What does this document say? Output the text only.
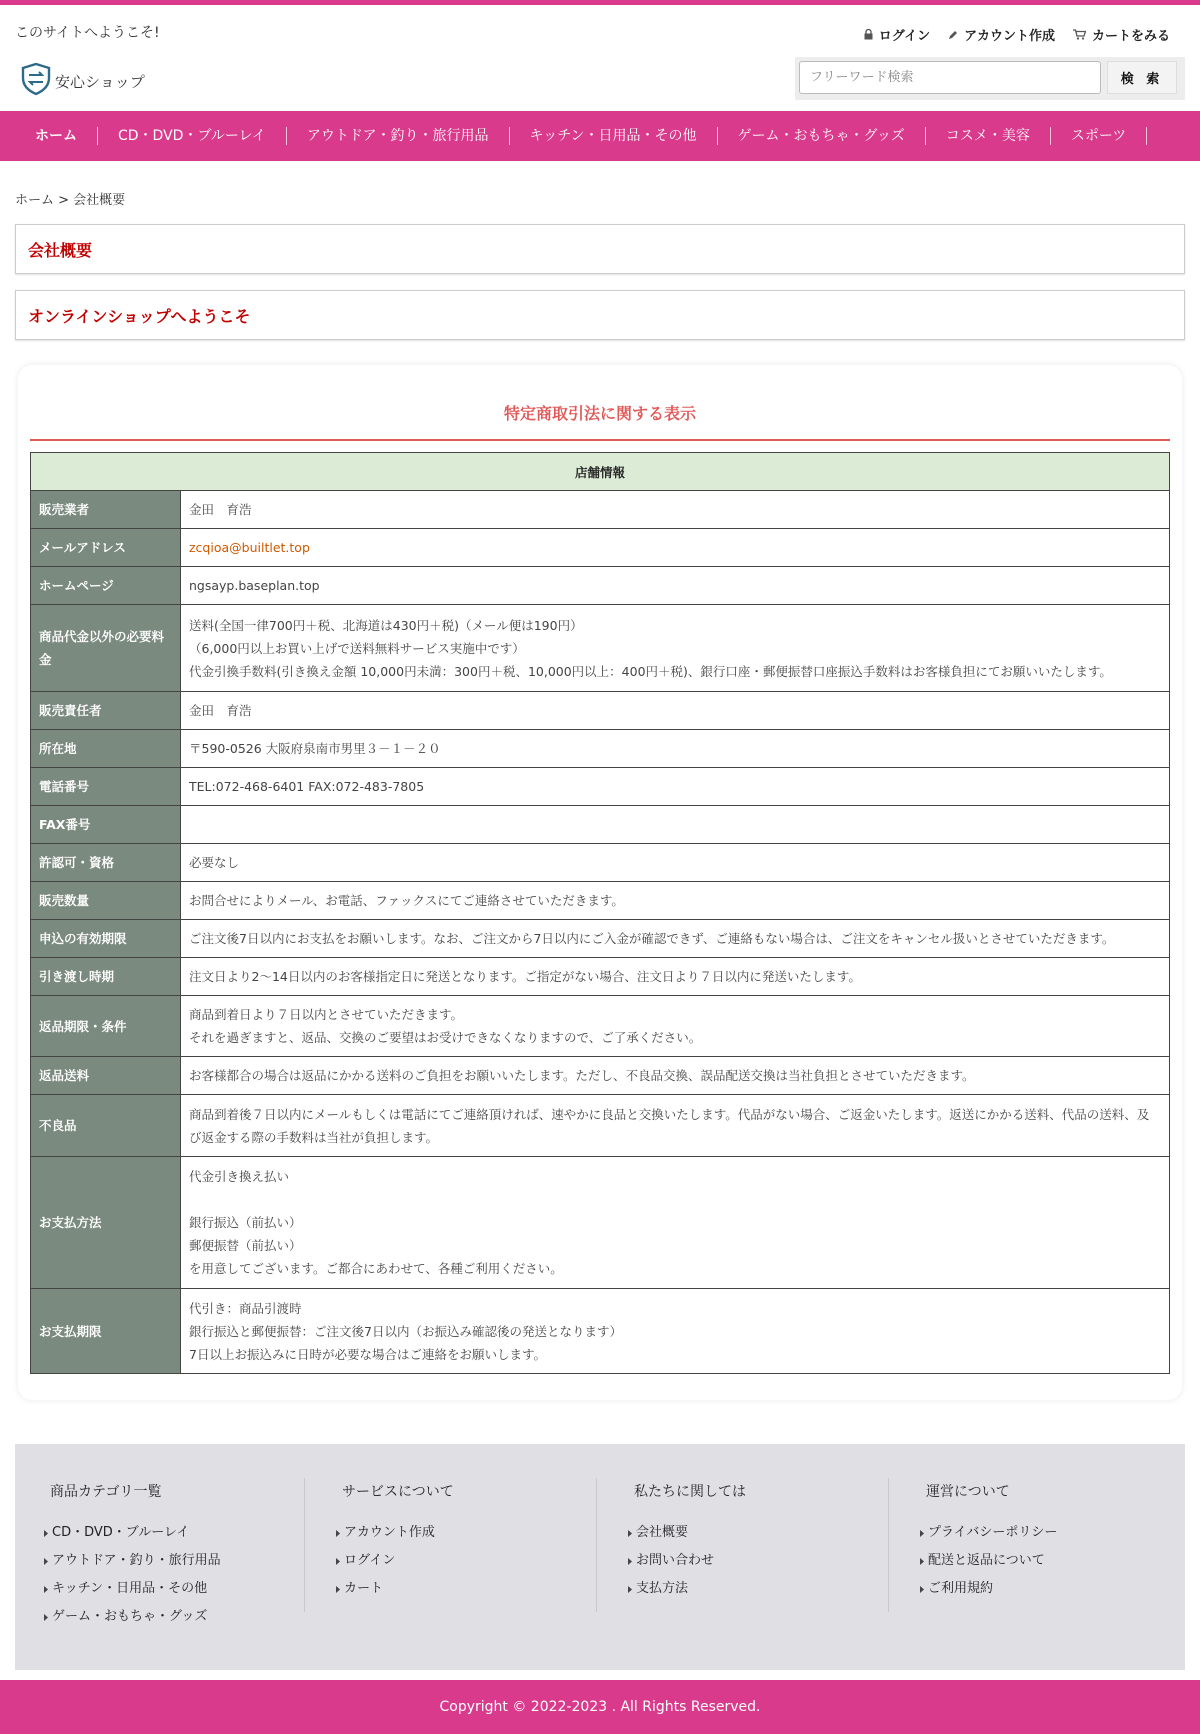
このサイトへようこそ!	ログイン	アカウント作成	カートをみる
安心ショップ
フリーワード検索	検 索
ホーム	CD・DVD・ブルーレイ	アウトドア・釣り・旅行用品	キッチン・日用品・その他	ゲーム・おもちゃ・グッズ	コスメ・美容	スポーツ
ホーム > 会社概要
会社概要
オンラインショップへようこそ
特定商取引法に関する表示
店舗情報	
販売業者	金田　育浩

メールアドレス	zcqioa@builtlet.top

ホームページ	ngsayp.baseplan.top

商品代金以外の必要料金	送料(全国一律700円＋税、北海道は430円＋税)（メール便は190円）
（6,000円以上お買い上げで送料無料サービス実施中です）
代金引換手数料(引き換え金額 10,000円未満：300円＋税、10,000円以上：400円＋税)、銀行口座・郵便振替口座振込手数料はお客様負担にてお願いいたします。

販売責任者	金田　育浩

所在地	〒590-0526 大阪府泉南市男里３－１－２０

電話番号	TEL:072-468-6401 FAX:072-483-7805

FAX番号	
許認可・資格	必要なし

販売数量	お問合せによりメール、お電話、ファックスにてご連絡させていただきます。

申込の有効期限	ご注文後7日以内にお支払をお願いします。なお、ご注文から7日以内にご入金が確認できず、ご連絡もない場合は、ご注文をキャンセル扱いとさせていただきます。

引き渡し時期	注文日より2〜14日以内のお客様指定日に発送となります。ご指定がない場合、注文日より７日以内に発送いたします。

返品期限・条件	商品到着日より７日以内とさせていただきます。
それを過ぎますと、返品、交換のご要望はお受けできなくなりますので、ご了承ください。

返品送料	お客様都合の場合は返品にかかる送料のご負担をお願いいたします。ただし、不良品交換、誤品配送交換は当社負担とさせていただきます。

不良品	商品到着後７日以内にメールもしくは電話にてご連絡頂ければ、速やかに良品と交換いたします。代品がない場合、ご返金いたします。返送にかかる送料、代品の送料、及び返金する際の手数料は当社が負担します。

お支払方法	代金引き換え払い
銀行振込（前払い）
郵便振替（前払い）
を用意してございます。ご都合にあわせて、各種ご利用ください。

お支払期限	代引き：商品引渡時
銀行振込と郵便振替：ご注文後7日以内（お振込み確認後の発送となります）
7日以上お振込みに日時が必要な場合はご連絡をお願いします。
商品カテゴリ一覧
CD・DVD・ブルーレイ
アウトドア・釣り・旅行用品
キッチン・日用品・その他
ゲーム・おもちゃ・グッズ
サービスについて
アカウント作成
ログイン
カート
私たちに関しては
会社概要
お問い合わせ
支払方法
運営について
プライバシーポリシー
配送と返品について
ご利用規約
Copyright © 2022-2023 . All Rights Reserved.
